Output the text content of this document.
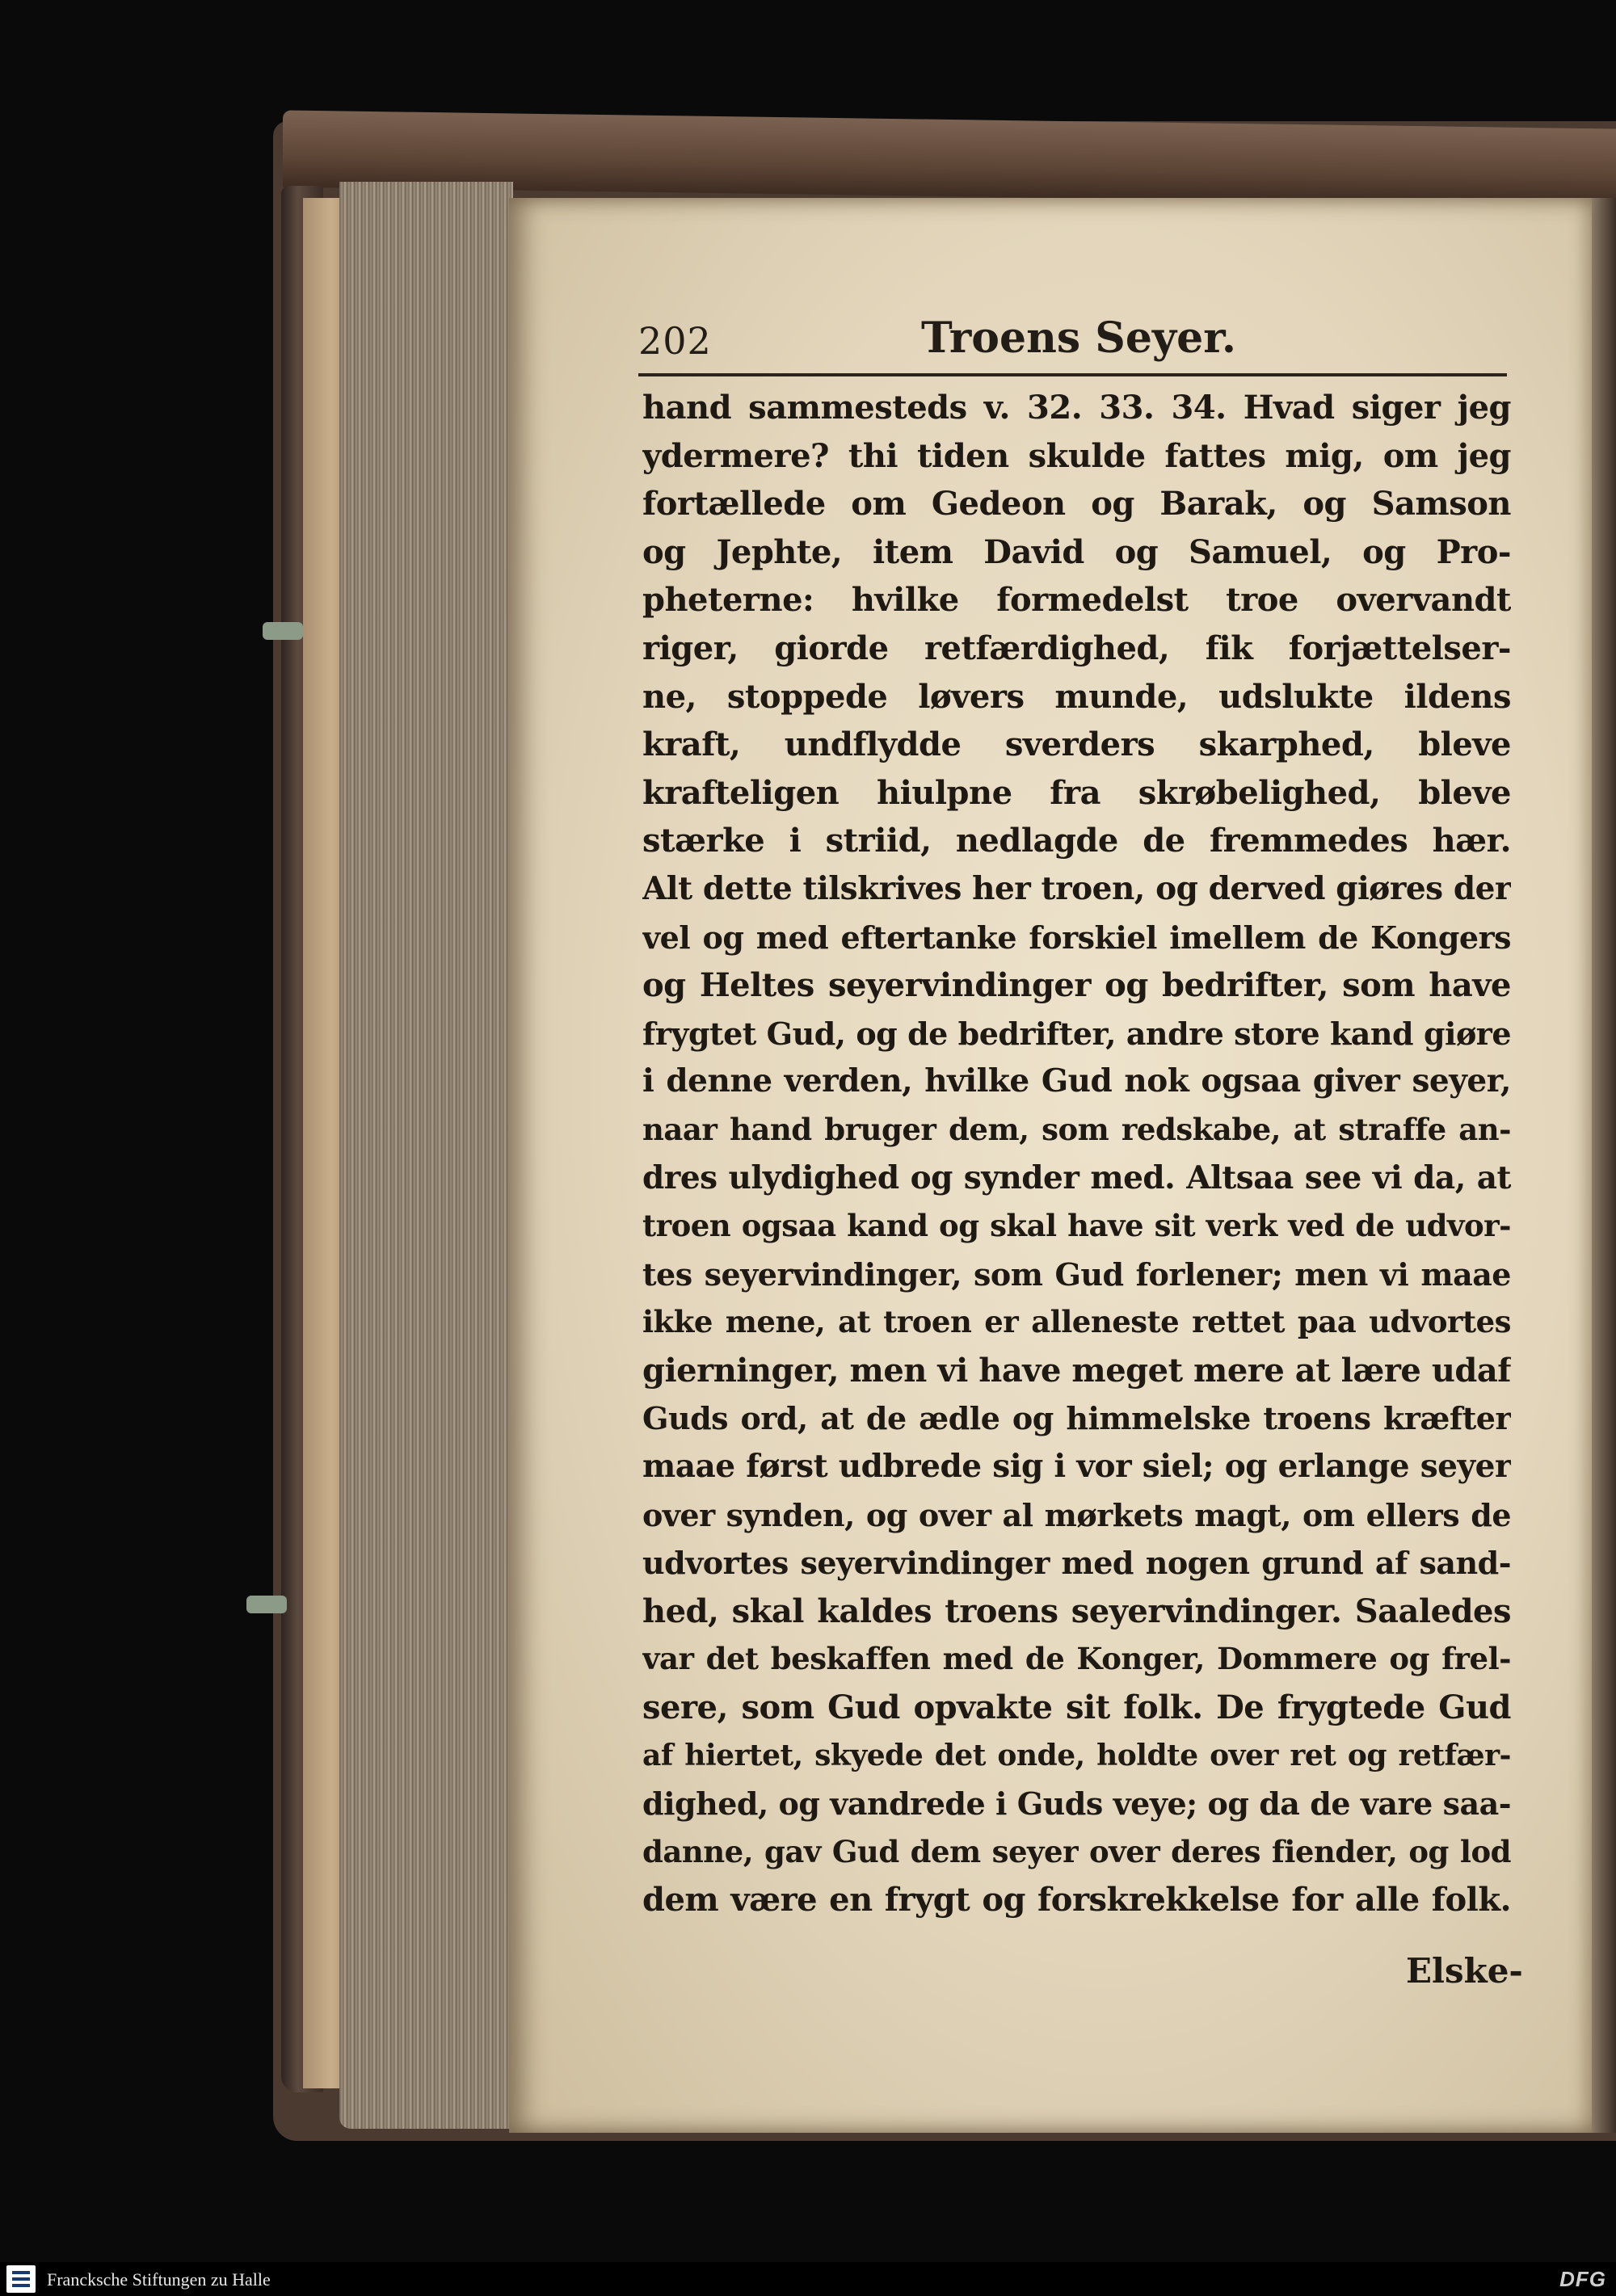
202	Troens Seyer.
hand sammesteds v. 32. 33. 34. Hvad siger jeg
ydermere? thi tiden skulde fattes mig, om jeg
fortællede om Gedeon og Barak, og Samson
og Jephte, item David og Samuel, og Pro-
pheterne: hvilke formedelst troe overvandt
riger, giorde retfærdighed, fik forjættelser-
ne, stoppede løvers munde, udslukte ildens
kraft, undflydde sverders skarphed, bleve
krafteligen hiulpne fra skrøbelighed, bleve
stærke i striid, nedlagde de fremmedes hær.
Alt dette tilskrives her troen, og derved giøres der
vel og med eftertanke forskiel imellem de Kongers
og Heltes seyervindinger og bedrifter, som have
frygtet Gud, og de bedrifter, andre store kand giøre
i denne verden, hvilke Gud nok ogsaa giver seyer,
naar hand bruger dem, som redskabe, at straffe an-
dres ulydighed og synder med. Altsaa see vi da, at
troen ogsaa kand og skal have sit verk ved de udvor-
tes seyervindinger, som Gud forlener; men vi maae
ikke mene, at troen er alleneste rettet paa udvortes
gierninger, men vi have meget mere at lære udaf
Guds ord, at de ædle og himmelske troens kræfter
maae først udbrede sig i vor siel; og erlange seyer
over synden, og over al mørkets magt, om ellers de
udvortes seyervindinger med nogen grund af sand-
hed, skal kaldes troens seyervindinger. Saaledes
var det beskaffen med de Konger, Dommere og frel-
sere, som Gud opvakte sit folk. De frygtede Gud
af hiertet, skyede det onde, holdte over ret og retfær-
dighed, og vandrede i Guds veye; og da de vare saa-
danne, gav Gud dem seyer over deres fiender, og lod
dem være en frygt og forskrekkelse for alle folk.
Elske-
Francksche Stiftungen zu Halle	DFG
